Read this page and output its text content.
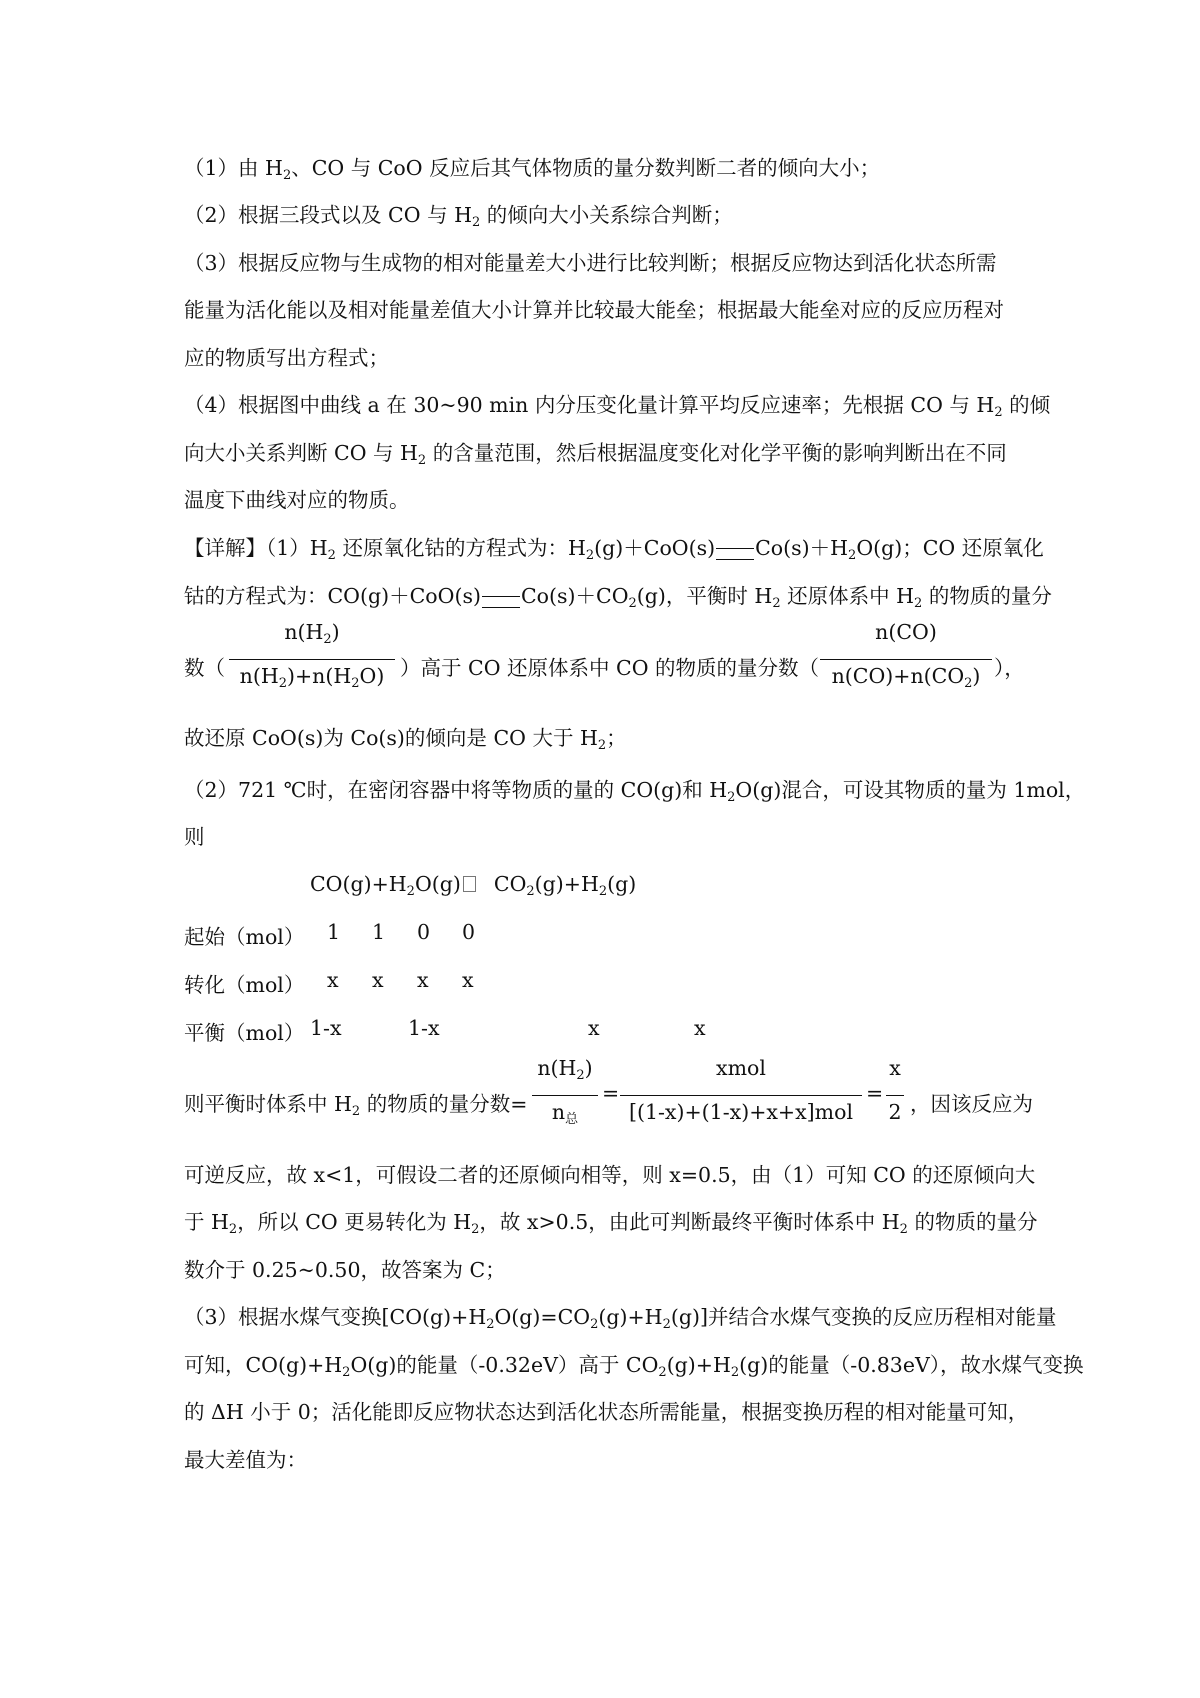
（1）由 $H_2$、CO 与 CoO 反应后其气体物质的量分数判断二者的倾向大小；
（2）根据三段式以及 CO 与 $H_2$ 的倾向大小关系综合判断；
（3）根据反应物与生成物的相对能量差大小进行比较判断；根据反应物达到活化状态所需
能量为活化能以及相对能量差值大小计算并比较最大能垒；根据最大能垒对应的反应历程对
应的物质写出方程式；
（4）根据图中曲线 a 在 30~90 min 内分压变化量计算平均反应速率；先根据 CO 与 $H_2$ 的倾
向大小关系判断 CO 与 $H_2$ 的含量范围，然后根据温度变化对化学平衡的影响判断出在不同
温度下曲线对应的物质。
【详解】$(1)H_2$ 还原氧化钴的方程式为：$H_2(g)+CoO(s)$ $Co(s)+H_2O(g)$；CO 还原氧化
钴的方程式为：CO(g)＋CoO(s) $Co(s)+CO_2(g)$，平衡时 $H_2$ 还原体系中 $H_2$ 的物质的量分
数（
$n(H_2)$
$n(H_2)+n(H_2O)$ ）高于 CO 还原体系中 CO 的物质的量分数（
n(CO)
$n(CO)+n(CO_2)$ ），
故还原 CoO(s)为 Co(s)的倾向是 CO 大于 $H_2$；
（2）721 ℃时，在密闭容器中将等物质的量的 CO(g)和 $H_2O(g)$混合，可设其物质的量为 1mol，
则
$CO(g)+H_2O(g)$ $CO_2(g)+H_2(g)$
起始（mol） 1 1 0 0
转化（mol） x x x x
平衡（mol） 1-x	1-x	x	x
则平衡时体系中 $H_2$ 的物质的量分数=
$n(H_2)$
$n_总$
=
xmol
[(1-x)+(1-x)+x+x]mol
=
x
2 ，因该反应为
可逆反应，故 x<1，可假设二者的还原倾向相等，则 x=0.5，由（1）可知 CO 的还原倾向大
于 $H_2$，所以 CO 更易转化为 $H_2$，故 x>0.5，由此可判断最终平衡时体系中 $H_2$ 的物质的量分
数介于 0.25~0.50，故答案为 C；
（3）根据水煤气变换$[CO(g)+H_2O(g)=CO_2(g)+H_2(g)]$并结合水煤气变换的反应历程相对能量
可知，$CO(g)+H_2O(g)$的能量（-0.32eV）高于 $CO_2(g)+H_2(g)$的能量（-0.83eV），故水煤气变换
的 ΔH 小于 0；活化能即反应物状态达到活化状态所需能量，根据变换历程的相对能量可知，
最大差值为：
